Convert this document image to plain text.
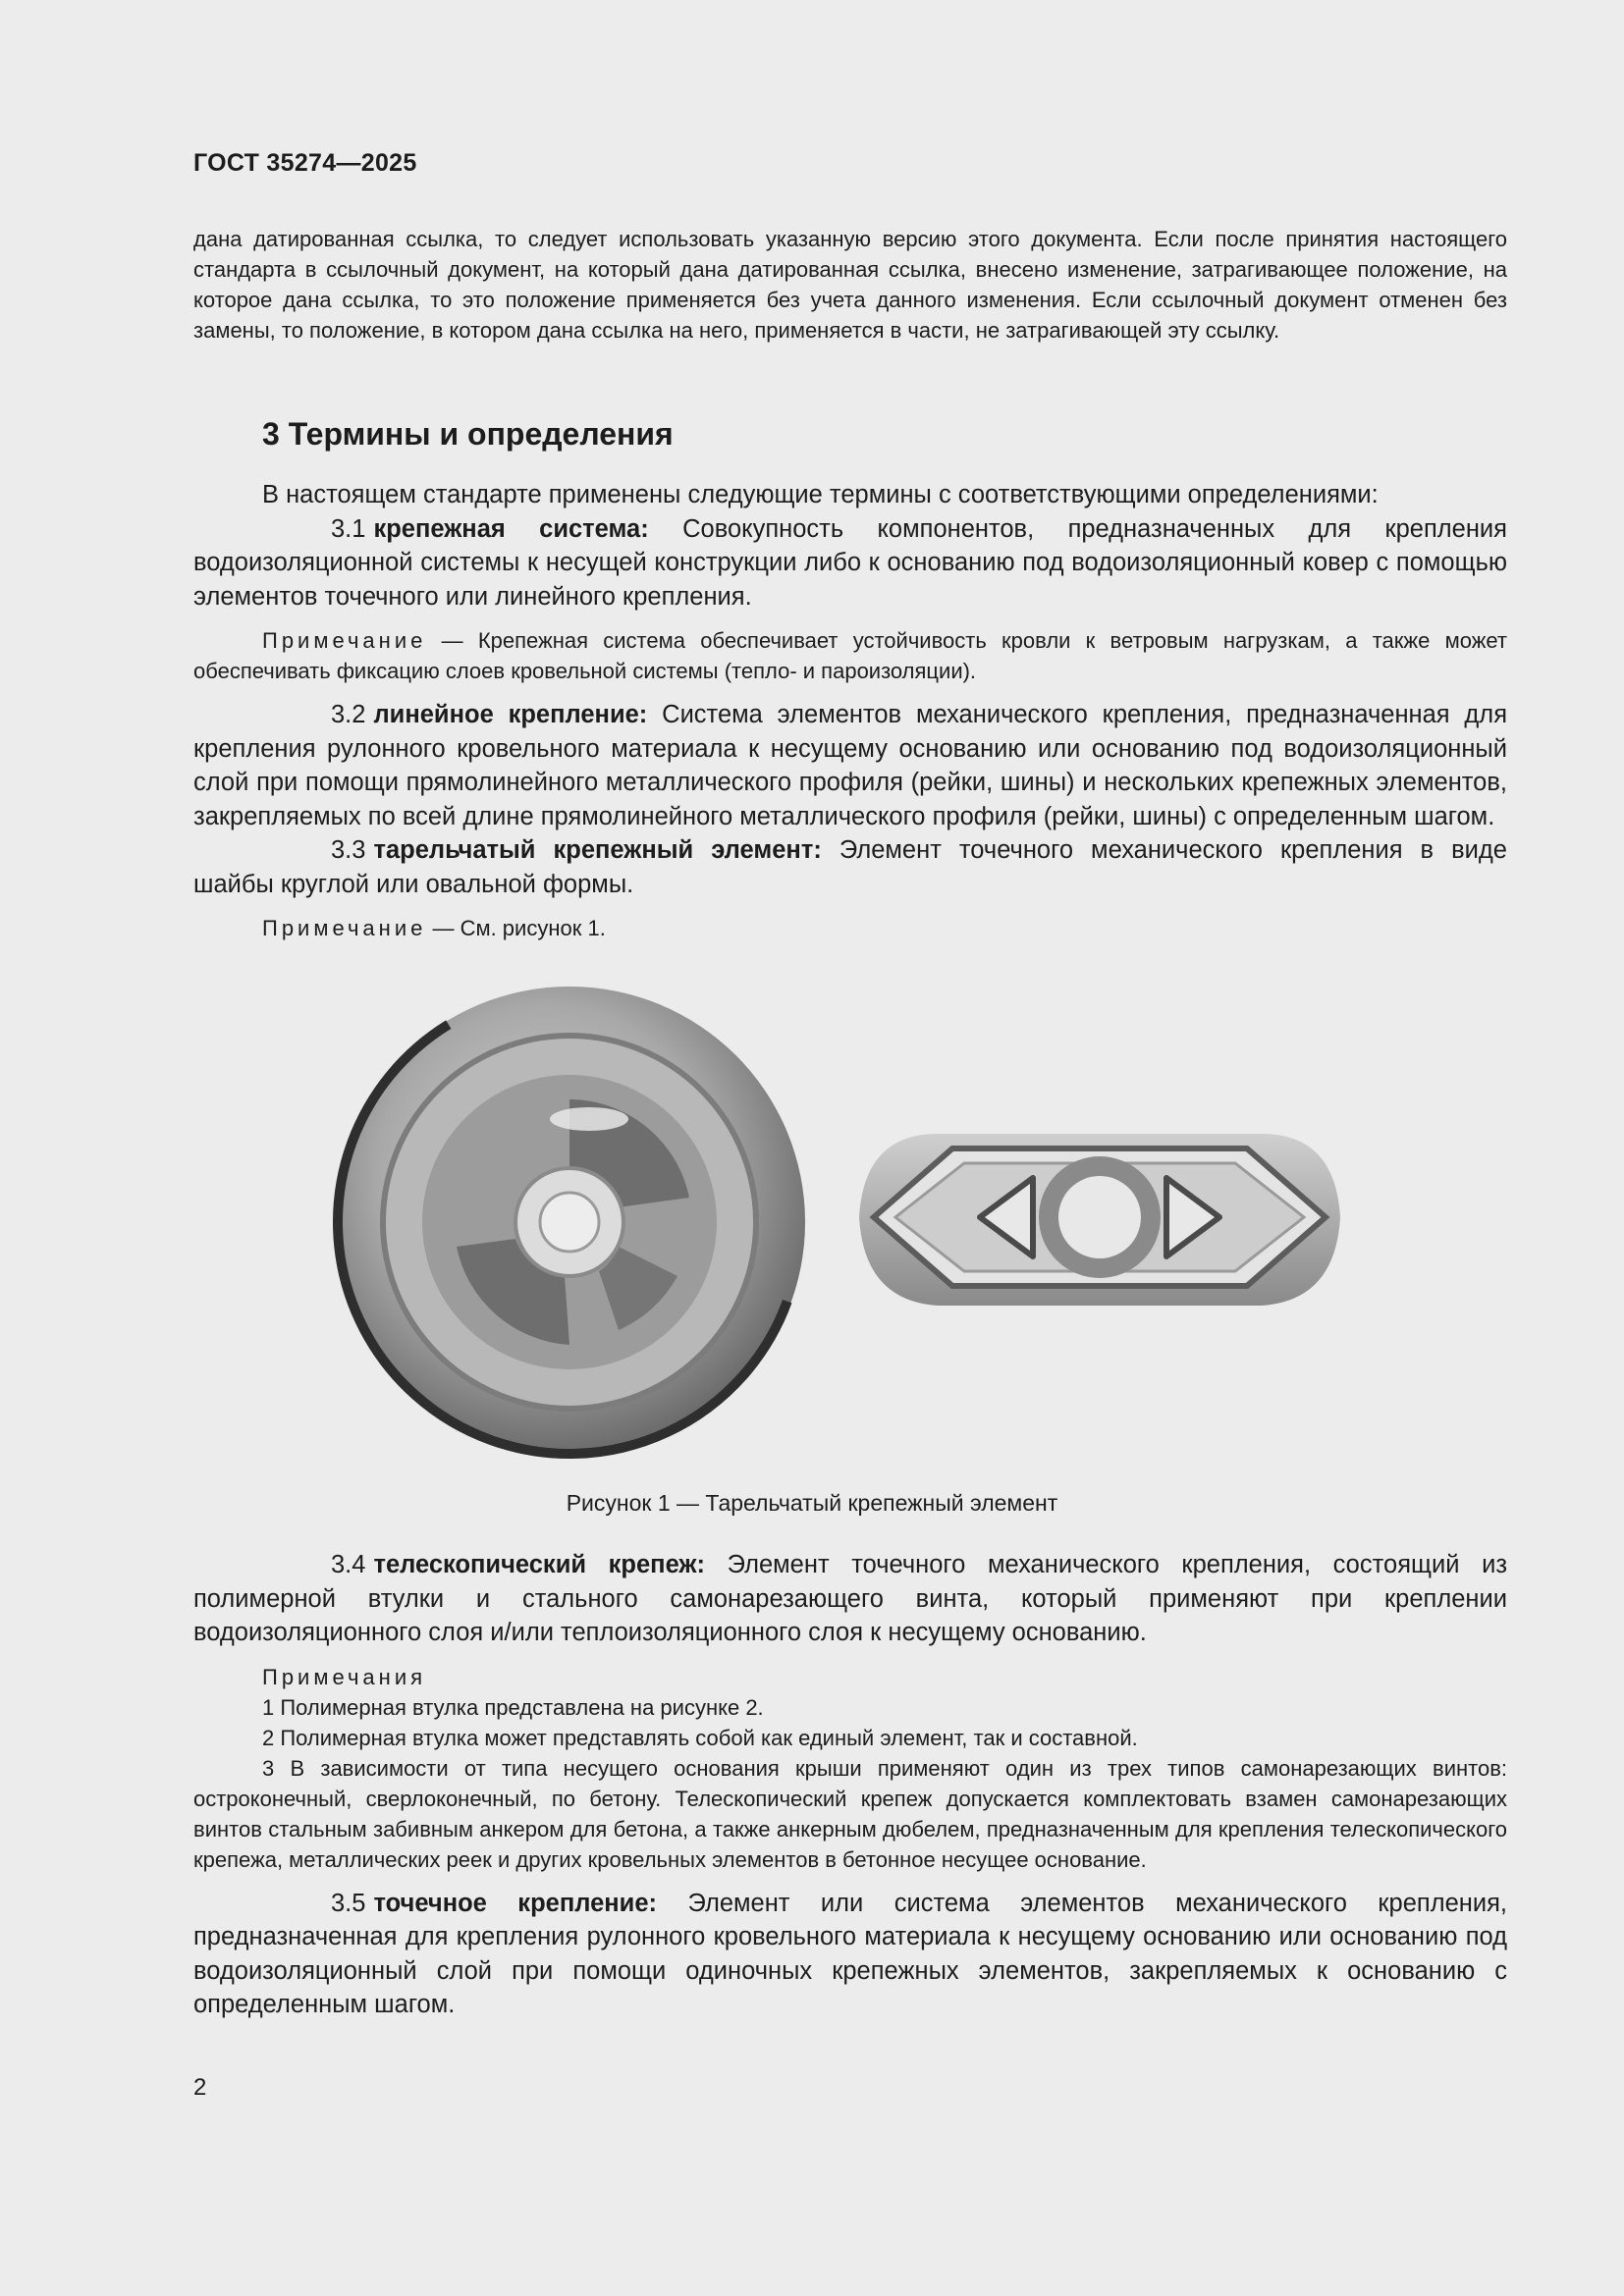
ГОСТ 35274—2025

дана датированная ссылка, то следует использовать указанную версию этого документа. Если после принятия настоящего стандарта в ссылочный документ, на который дана датированная ссылка, внесено изменение, затрагивающее положение, на которое дана ссылка, то это положение применяется без учета данного изменения. Если ссылочный документ отменен без замены, то положение, в котором дана ссылка на него, применяется в части, не затрагивающей эту ссылку.

3 Термины и определения

В настоящем стандарте применены следующие термины с соответствующими определениями:

3.1 крепежная система: Совокупность компонентов, предназначенных для крепления водоизоляционной системы к несущей конструкции либо к основанию под водоизоляционный ковер с помощью элементов точечного или линейного крепления.

Примечание — Крепежная система обеспечивает устойчивость кровли к ветровым нагрузкам, а также может обеспечивать фиксацию слоев кровельной системы (тепло- и пароизоляции).

3.2 линейное крепление: Система элементов механического крепления, предназначенная для крепления рулонного кровельного материала к несущему основанию или основанию под водоизоляционный слой при помощи прямолинейного металлического профиля (рейки, шины) и нескольких крепежных элементов, закрепляемых по всей длине прямолинейного металлического профиля (рейки, шины) с определенным шагом.

3.3 тарельчатый крепежный элемент: Элемент точечного механического крепления в виде шайбы круглой или овальной формы.

Примечание — См. рисунок 1.

Рисунок 1 — Тарельчатый крепежный элемент

3.4 телескопический крепеж: Элемент точечного механического крепления, состоящий из полимерной втулки и стального самонарезающего винта, который применяют при креплении водоизоляционного слоя и/или теплоизоляционного слоя к несущему основанию.

Примечания

1 Полимерная втулка представлена на рисунке 2.

2 Полимерная втулка может представлять собой как единый элемент, так и составной.

3 В зависимости от типа несущего основания крыши применяют один из трех типов самонарезающих винтов: остроконечный, сверлоконечный, по бетону. Телескопический крепеж допускается комплектовать взамен самонарезающих винтов стальным забивным анкером для бетона, а также анкерным дюбелем, предназначенным для крепления телескопического крепежа, металлических реек и других кровельных элементов в бетонное несущее основание.

3.5 точечное крепление: Элемент или система элементов механического крепления, предназначенная для крепления рулонного кровельного материала к несущему основанию или основанию под водоизоляционный слой при помощи одиночных крепежных элементов, закрепляемых к основанию с определенным шагом.

2
